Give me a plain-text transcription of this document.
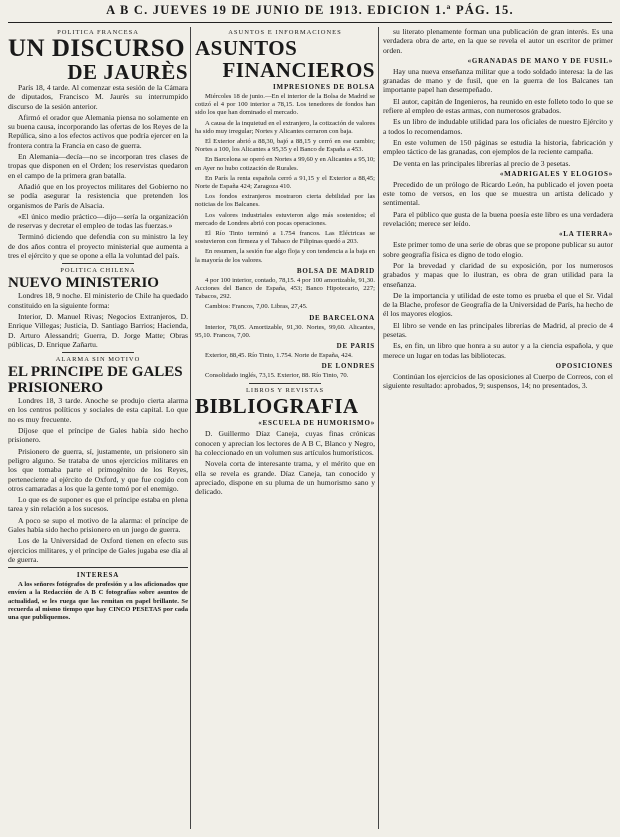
A B C. JUEVES 19 DE JUNIO DE 1913. EDICION 1.ª PÁG. 15.
POLITICA FRANCESA
UN DISCURSO
DE JAURÈS

París 18, 4 tarde. Al comenzar esta sesión de la Cámara de diputados, Francisco M. Jaurès su interrumpido discurso de la sesión anterior.

Afirmó el orador que Alemania piensa no solamente en su buena causa, incorporando las ofertas de los Reyes de la Repúlica, sino a los efectos activos que podría ejercer en la frontera contra la Francia en caso de guerra.

En Alemania—decía—no se incorporan tres clases de tropas que disponen en el Orden; los reservistas quedaron en el campo de la primera gran batalla.

Añadió que en los proyectos militares del Gobierno no se podía asegurar la resistencia que pretenden los organismos de París de Alsacia.

«El único medio práctico—dijo—sería la organización de reservas y decretar el empleo de todas las fuerzas.»

Terminó diciendo que defendía con su ministro la ley de dos años contra el proyecto ministerial que aumenta a tres el ejército y que se opone a ella la voluntad del país.

POLITICA CHILENA
NUEVO MINISTERIO

Londres 18, 9 noche. El ministerio de Chile ha quedado constituido en la siguiente forma:

Interior, D. Manuel Rivas; Negocios Extranjeros, D. Enrique Villegas; Justicia, D. Santiago Barrios; Hacienda, D. Arturo Alessandri; Guerra, D. Jorge Matte; Obras públicas, D. Enrique Zañartu.

ALARMA SIN MOTIVO
EL PRINCIPE DE GALES PRISIONERO

Londres 18, 3 tarde. Anoche se produjo cierta alarma en los centros políticos y sociales de esta capital. Lo que no es muy frecuente.

Díjose que el príncipe de Gales había sido hecho prisionero.

Prisionero de guerra, sí, justamente, un prisionero sin peligro alguno. Se trataba de unos ejercicios militares en los que tomaba parte el primogénito de los Reyes, perteneciente al ejército de Oxford, y que fue cogido con otros camaradas a los que la gente tomó por el enemigo.

Lo que es de suponer es que el príncipe estaba en plena tarea y sin relación a los sucesos.

A poco se supo el motivo de la alarma: el príncipe de Gales había sido hecho prisionero en un juego de guerra.

Los de la Universidad de Oxford tienen en efecto sus ejercicios militares, y el príncipe de Gales jugaba ese día al de guerra.

INTERESA

A los señores fotógrafos de profesión y a los aficionados que envíen a la Redacción de A B C fotografías sobre asuntos de actualidad, se les ruega que las remitan en papel brillante. Se recuerda al mismo tiempo que hay CINCO PESETAS por cada una que publiquemos.

ASUNTOS E INFORMACIONES
ASUNTOS
FINANCIEROS
IMPRESIONES DE BOLSA

Miércoles 18 de junio.—En el interior de la Bolsa de Madrid se cotizó el 4 por 100 interior a 78,15. Los tenedores de fondos han sido los que han dominado el mercado.

A causa de la inquietud en el extranjero, la cotización de valores ha sido muy irregular; Nortes y Alicantes cerraron con baja.

El Exterior abrió a 88,30, bajó a 88,15 y cerró en ese cambio; Nortes a 100, los Alicantes a 95,35 y el Banco de España a 453.

En Barcelona se operó en Nortes a 99,60 y en Alicantes a 95,10; en Ayer no hubo cotización de Rurales.

En París la renta española cerró a 91,15 y el Exterior a 88,45; Norte de España 424; Zaragoza 410.

Los fondos extranjeros mostraron cierta debilidad por las noticias de los Balcanes.

Los valores industriales estuvieron algo más sostenidos; el mercado de Londres abrió con pocas operaciones.

El Río Tinto terminó a 1.754 francos. Las Eléctricas se sostuvieron con firmeza y el Tabaco de Filipinas quedó a 203.

En resumen, la sesión fue algo floja y con tendencia a la baja en la mayoría de los valores.

BOLSA DE MADRID

4 por 100 interior, contado, 78,15. 4 por 100 amortizable, 91,30. Acciones del Banco de España, 453; Banco Hipotecario, 227; Tabacos, 292.

Cambios: Francos, 7,00. Libras, 27,45.

DE BARCELONA

Interior, 78,05. Amortizable, 91,30. Nortes, 99,60. Alicantes, 95,10. Francos, 7,00.

DE PARIS

Exterior, 88,45. Río Tinto, 1.754. Norte de España, 424.

DE LONDRES

Consolidado inglés, 73,15. Exterior, 88. Río Tinto, 70.

LIBROS Y REVISTAS
BIBLIOGRAFIA
«ESCUELA DE HUMORISMO»

D. Guillermo Díaz Caneja, cuyas finas crónicas conocen y aprecian los lectores de A B C, Blanco y Negro, ha coleccionado en un volumen sus artículos humorísticos.

Novela corta de interesante trama, y el mérito que en ella se revela es grande. Díaz Caneja, tan conocido y apreciado, dispone en su pluma de un humorismo sano y delicado.

su literato plenamente forman una publicación de gran interés. Es una verdadera obra de arte, en la que se revela el autor un escritor de primer orden.

«GRANADAS DE MANO Y DE FUSIL»

Hay una nueva enseñanza militar que a todo soldado interesa: la de las granadas de mano y de fusil, que en la guerra de los Balcanes tan importante papel han desempeñado.

El autor, capitán de Ingenieros, ha reunido en este folleto todo lo que se refiere al empleo de estas armas, con numerosos grabados.

Es un libro de indudable utilidad para los oficiales de nuestro Ejército y a todos lo recomendamos.

En este volumen de 150 páginas se estudia la historia, fabricación y empleo táctico de las granadas, con ejemplos de la reciente campaña.

De venta en las principales librerías al precio de 3 pesetas.

«MADRIGALES Y ELOGIOS»

Precedido de un prólogo de Ricardo León, ha publicado el joven poeta este tomo de versos, en los que se muestra un artista delicado y sentimental.

Para el público que gusta de la buena poesía este libro es una verdadera revelación; merece ser leído.

«LA TIERRA»

Este primer tomo de una serie de obras que se propone publicar su autor sobre geografía física es digno de todo elogio.

Por la brevedad y claridad de su exposición, por los numerosos grabados y mapas que lo ilustran, es obra de gran utilidad para la enseñanza.

De la importancia y utilidad de este tomo es prueba el que el Sr. Vidal de la Blache, profesor de Geografía de la Universidad de París, ha hecho de él los mayores elogios.

El libro se vende en las principales librerías de Madrid, al precio de 4 pesetas.

Es, en fin, un libro que honra a su autor y a la ciencia española, y que merece un lugar en todas las bibliotecas.

OPOSICIONES

Continúan los ejercicios de las oposiciones al Cuerpo de Correos, con el siguiente resultado: aprobados, 9; suspensos, 14; no presentados, 3.
